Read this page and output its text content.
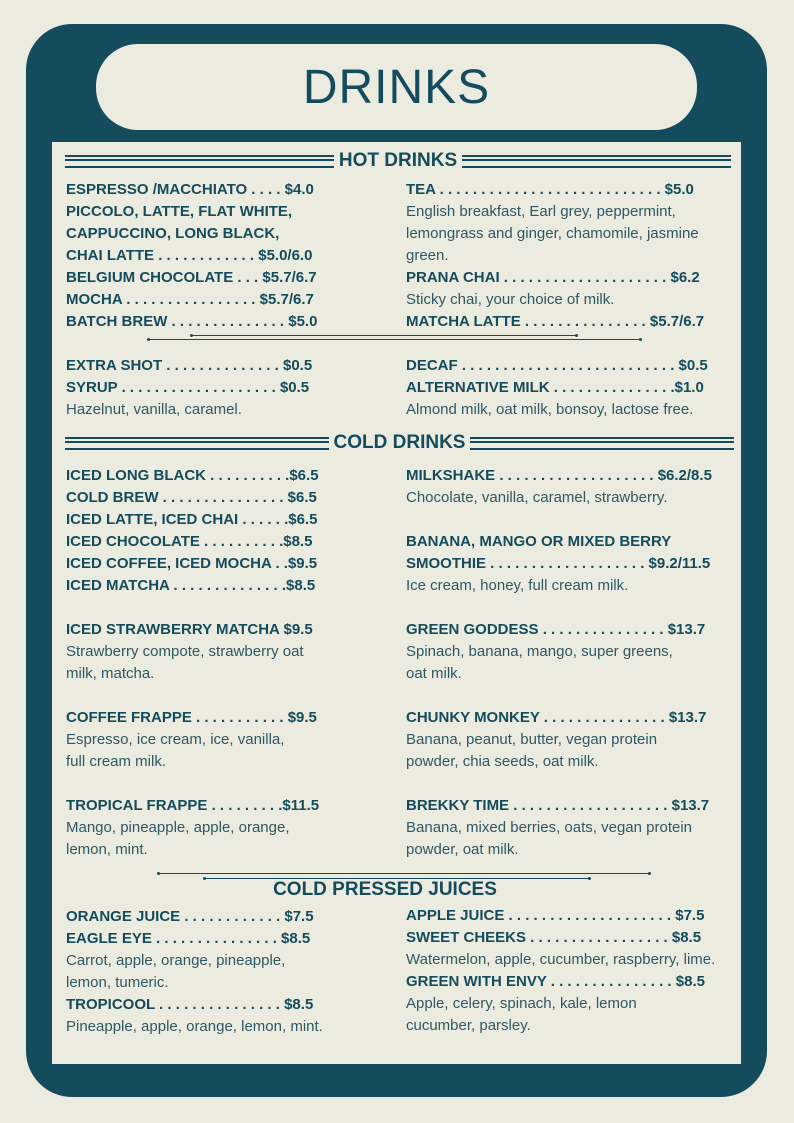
DRINKS
HOT DRINKS
ESPRESSO /MACCHIATO . . . . $4.0
PICCOLO, LATTE, FLAT WHITE,
CAPPUCCINO, LONG BLACK,
CHAI LATTE . . . . . . . . . . . . $5.0/6.0
BELGIUM CHOCOLATE . . . $5.7/6.7
MOCHA . . . . . . . . . . . . . . . . $5.7/6.7
BATCH BREW . . . . . . . . . . . . . . $5.0
EXTRA SHOT . . . . . . . . . . . . . . $0.5
SYRUP . . . . . . . . . . . . . . . . . . . $0.5
Hazelnut, vanilla, caramel.
TEA . . . . . . . . . . . . . . . . . . . . . . . . . . . $5.0
English breakfast, Earl grey, peppermint,
lemongrass and ginger, chamomile, jasmine
green.
PRANA CHAI . . . . . . . . . . . . . . . . . . . . $6.2
Sticky chai, your choice of milk.
MATCHA LATTE . . . . . . . . . . . . . . . $5.7/6.7
DECAF . . . . . . . . . . . . . . . . . . . . . . . . . . $0.5
ALTERNATIVE MILK . . . . . . . . . . . . . . .$1.0
Almond milk, oat milk, bonsoy, lactose free.
COLD DRINKS
ICED LONG BLACK . . . . . . . . . .$6.5
COLD BREW . . . . . . . . . . . . . . . $6.5
ICED LATTE, ICED CHAI . . . . . .$6.5
ICED CHOCOLATE . . . . . . . . . .$8.5
ICED COFFEE, ICED MOCHA . .$9.5
ICED MATCHA . . . . . . . . . . . . . .$8.5
ICED STRAWBERRY MATCHA $9.5
Strawberry compote, strawberry oat
milk, matcha.
COFFEE FRAPPE . . . . . . . . . . . $9.5
Espresso, ice cream, ice, vanilla,
full cream milk.
TROPICAL FRAPPE . . . . . . . . .$11.5
Mango, pineapple, apple, orange,
lemon, mint.
MILKSHAKE . . . . . . . . . . . . . . . . . . . $6.2/8.5
Chocolate, vanilla, caramel, strawberry.
BANANA, MANGO OR MIXED BERRY
SMOOTHIE . . . . . . . . . . . . . . . . . . . $9.2/11.5
Ice cream, honey, full cream milk.
GREEN GODDESS . . . . . . . . . . . . . . . $13.7
Spinach, banana, mango, super greens,
oat milk.
CHUNKY MONKEY . . . . . . . . . . . . . . . $13.7
Banana, peanut, butter, vegan protein
powder, chia seeds, oat milk.
BREKKY TIME . . . . . . . . . . . . . . . . . . . $13.7
Banana, mixed berries, oats, vegan protein
powder, oat milk.
COLD PRESSED JUICES
ORANGE JUICE . . . . . . . . . . . . $7.5
EAGLE EYE . . . . . . . . . . . . . . . $8.5
Carrot, apple, orange, pineapple,
lemon, tumeric.
TROPICOOL . . . . . . . . . . . . . . . $8.5
Pineapple, apple, orange, lemon, mint.
APPLE JUICE . . . . . . . . . . . . . . . . . . . . $7.5
SWEET CHEEKS . . . . . . . . . . . . . . . . . $8.5
Watermelon, apple, cucumber, raspberry, lime.
GREEN WITH ENVY . . . . . . . . . . . . . . . $8.5
Apple, celery, spinach, kale, lemon
cucumber, parsley.
